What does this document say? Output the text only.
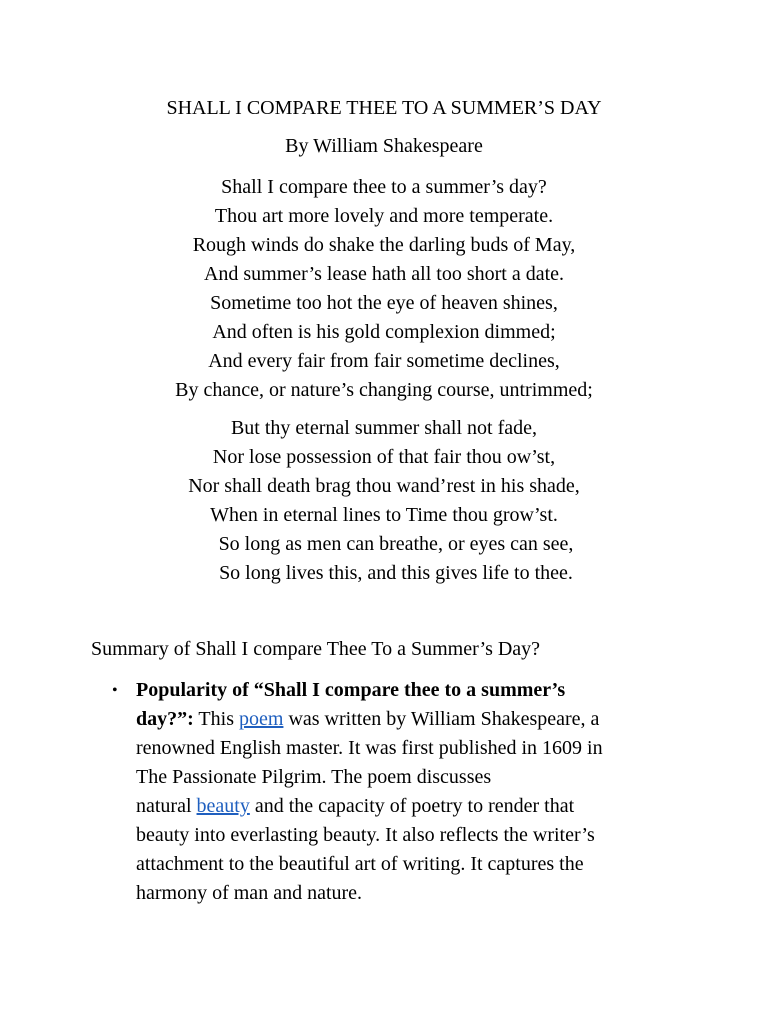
SHALL I COMPARE THEE TO A SUMMER’S DAY

By William Shakespeare

Shall I compare thee to a summer’s day?
Thou art more lovely and more temperate.
Rough winds do shake the darling buds of May,
And summer’s lease hath all too short a date.
Sometime too hot the eye of heaven shines,
And often is his gold complexion dimmed;
And every fair from fair sometime declines,
By chance, or nature’s changing course, untrimmed;
But thy eternal summer shall not fade,
Nor lose possession of that fair thou ow’st,
Nor shall death brag thou wand’rest in his shade,
When in eternal lines to Time thou grow’st.
So long as men can breathe, or eyes can see,
So long lives this, and this gives life to thee.
Summary of Shall I compare Thee To a Summer’s Day?
• Popularity of “Shall I compare thee to a summer’s
day?”: This poem was written by William Shakespeare, a
renowned English master. It was first published in 1609 in
The Passionate Pilgrim. The poem discusses
natural beauty and the capacity of poetry to render that
beauty into everlasting beauty. It also reflects the writer’s
attachment to the beautiful art of writing. It captures the
harmony of man and nature.
